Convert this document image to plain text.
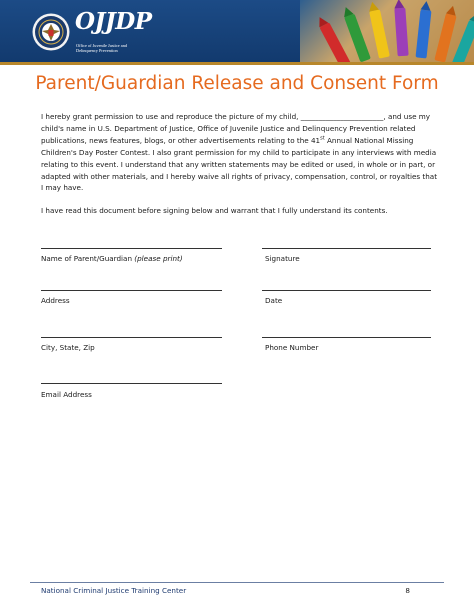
OJJDP
Office of Juvenile Justice and
Delinquency Prevention
Parent/Guardian Release and Consent Form
I hereby grant permission to use and reproduce the picture of my child, _______________________, and use my child's name in U.S. Department of Justice, Office of Juvenile Justice and Delinquency Prevention related publications, news features, blogs, or other advertisements relating to the 41st Annual National Missing Children's Day Poster Contest. I also grant permission for my child to participate in any interviews with media relating to this event. I understand that any written statements may be edited or used, in whole or in part, or adapted with other materials, and I hereby waive all rights of privacy, compensation, control, or royalties that I may have.
I have read this document before signing below and warrant that I fully understand its contents.
Name of Parent/Guardian (please print)	Signature
Address	Date
City, State, Zip	Phone Number
Email Address
National Criminal Justice Training Center	8
